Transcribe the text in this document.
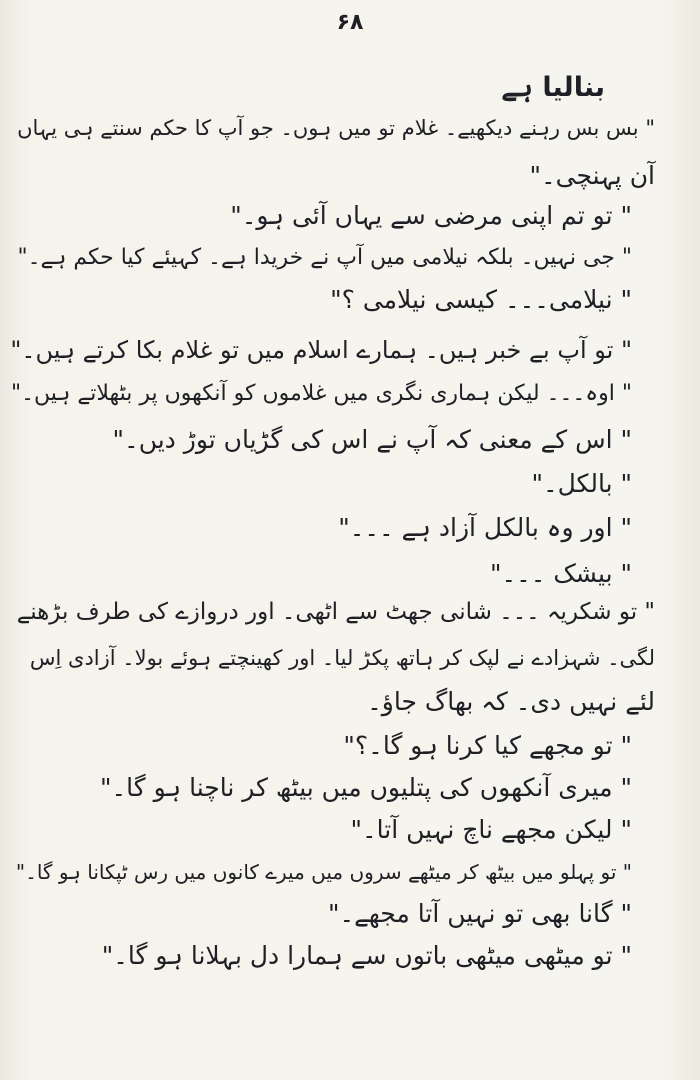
۶۸
بنالیا ہے
" بس بس رہنے دیکھیے۔ غلام تو میں ہوں۔ جو آپ کا حکم سنتے ہی یہاں
آن پہنچی۔"
" تو تم اپنی مرضی سے یہاں آئی ہو۔"
" جی نہیں۔ بلکہ نیلامی میں آپ نے خریدا ہے۔ کہیئے کیا حکم ہے۔"
" نیلامی۔۔۔ کیسی نیلامی ؟"
" تو آپ بے خبر ہیں۔ ہمارے اسلام میں تو غلام بکا کرتے ہیں۔"
" اوہ۔۔۔ لیکن ہماری نگری میں غلاموں کو آنکھوں پر بٹھلاتے ہیں۔"
" اس کے معنی کہ آپ نے اس کی گڑیاں توڑ دیں۔"
" بالکل۔"
" اور وہ بالکل آزاد ہے ۔۔۔"
" بیشک ۔۔۔"
" تو شکریہ ۔۔۔ شانی جھٹ سے اٹھی۔ اور دروازے کی طرف بڑھنے
لگی۔ شہزادے نے لپک کر ہاتھ پکڑ لیا۔ اور کھینچتے ہوئے بولا۔ آزادی اِس
لئے نہیں دی۔ کہ بھاگ جاؤ۔
" تو مجھے کیا کرنا ہو گا۔؟"
" میری آنکھوں کی پتلیوں میں بیٹھ کر ناچنا ہو گا۔"
" لیکن مجھے ناچ نہیں آتا۔"
" تو پہلو میں بیٹھ کر میٹھے سروں میں میرے کانوں میں رس ٹپکانا ہو گا۔"
" گانا بھی تو نہیں آتا مجھے۔"
" تو میٹھی میٹھی باتوں سے ہمارا دل بہلانا ہو گا۔"
